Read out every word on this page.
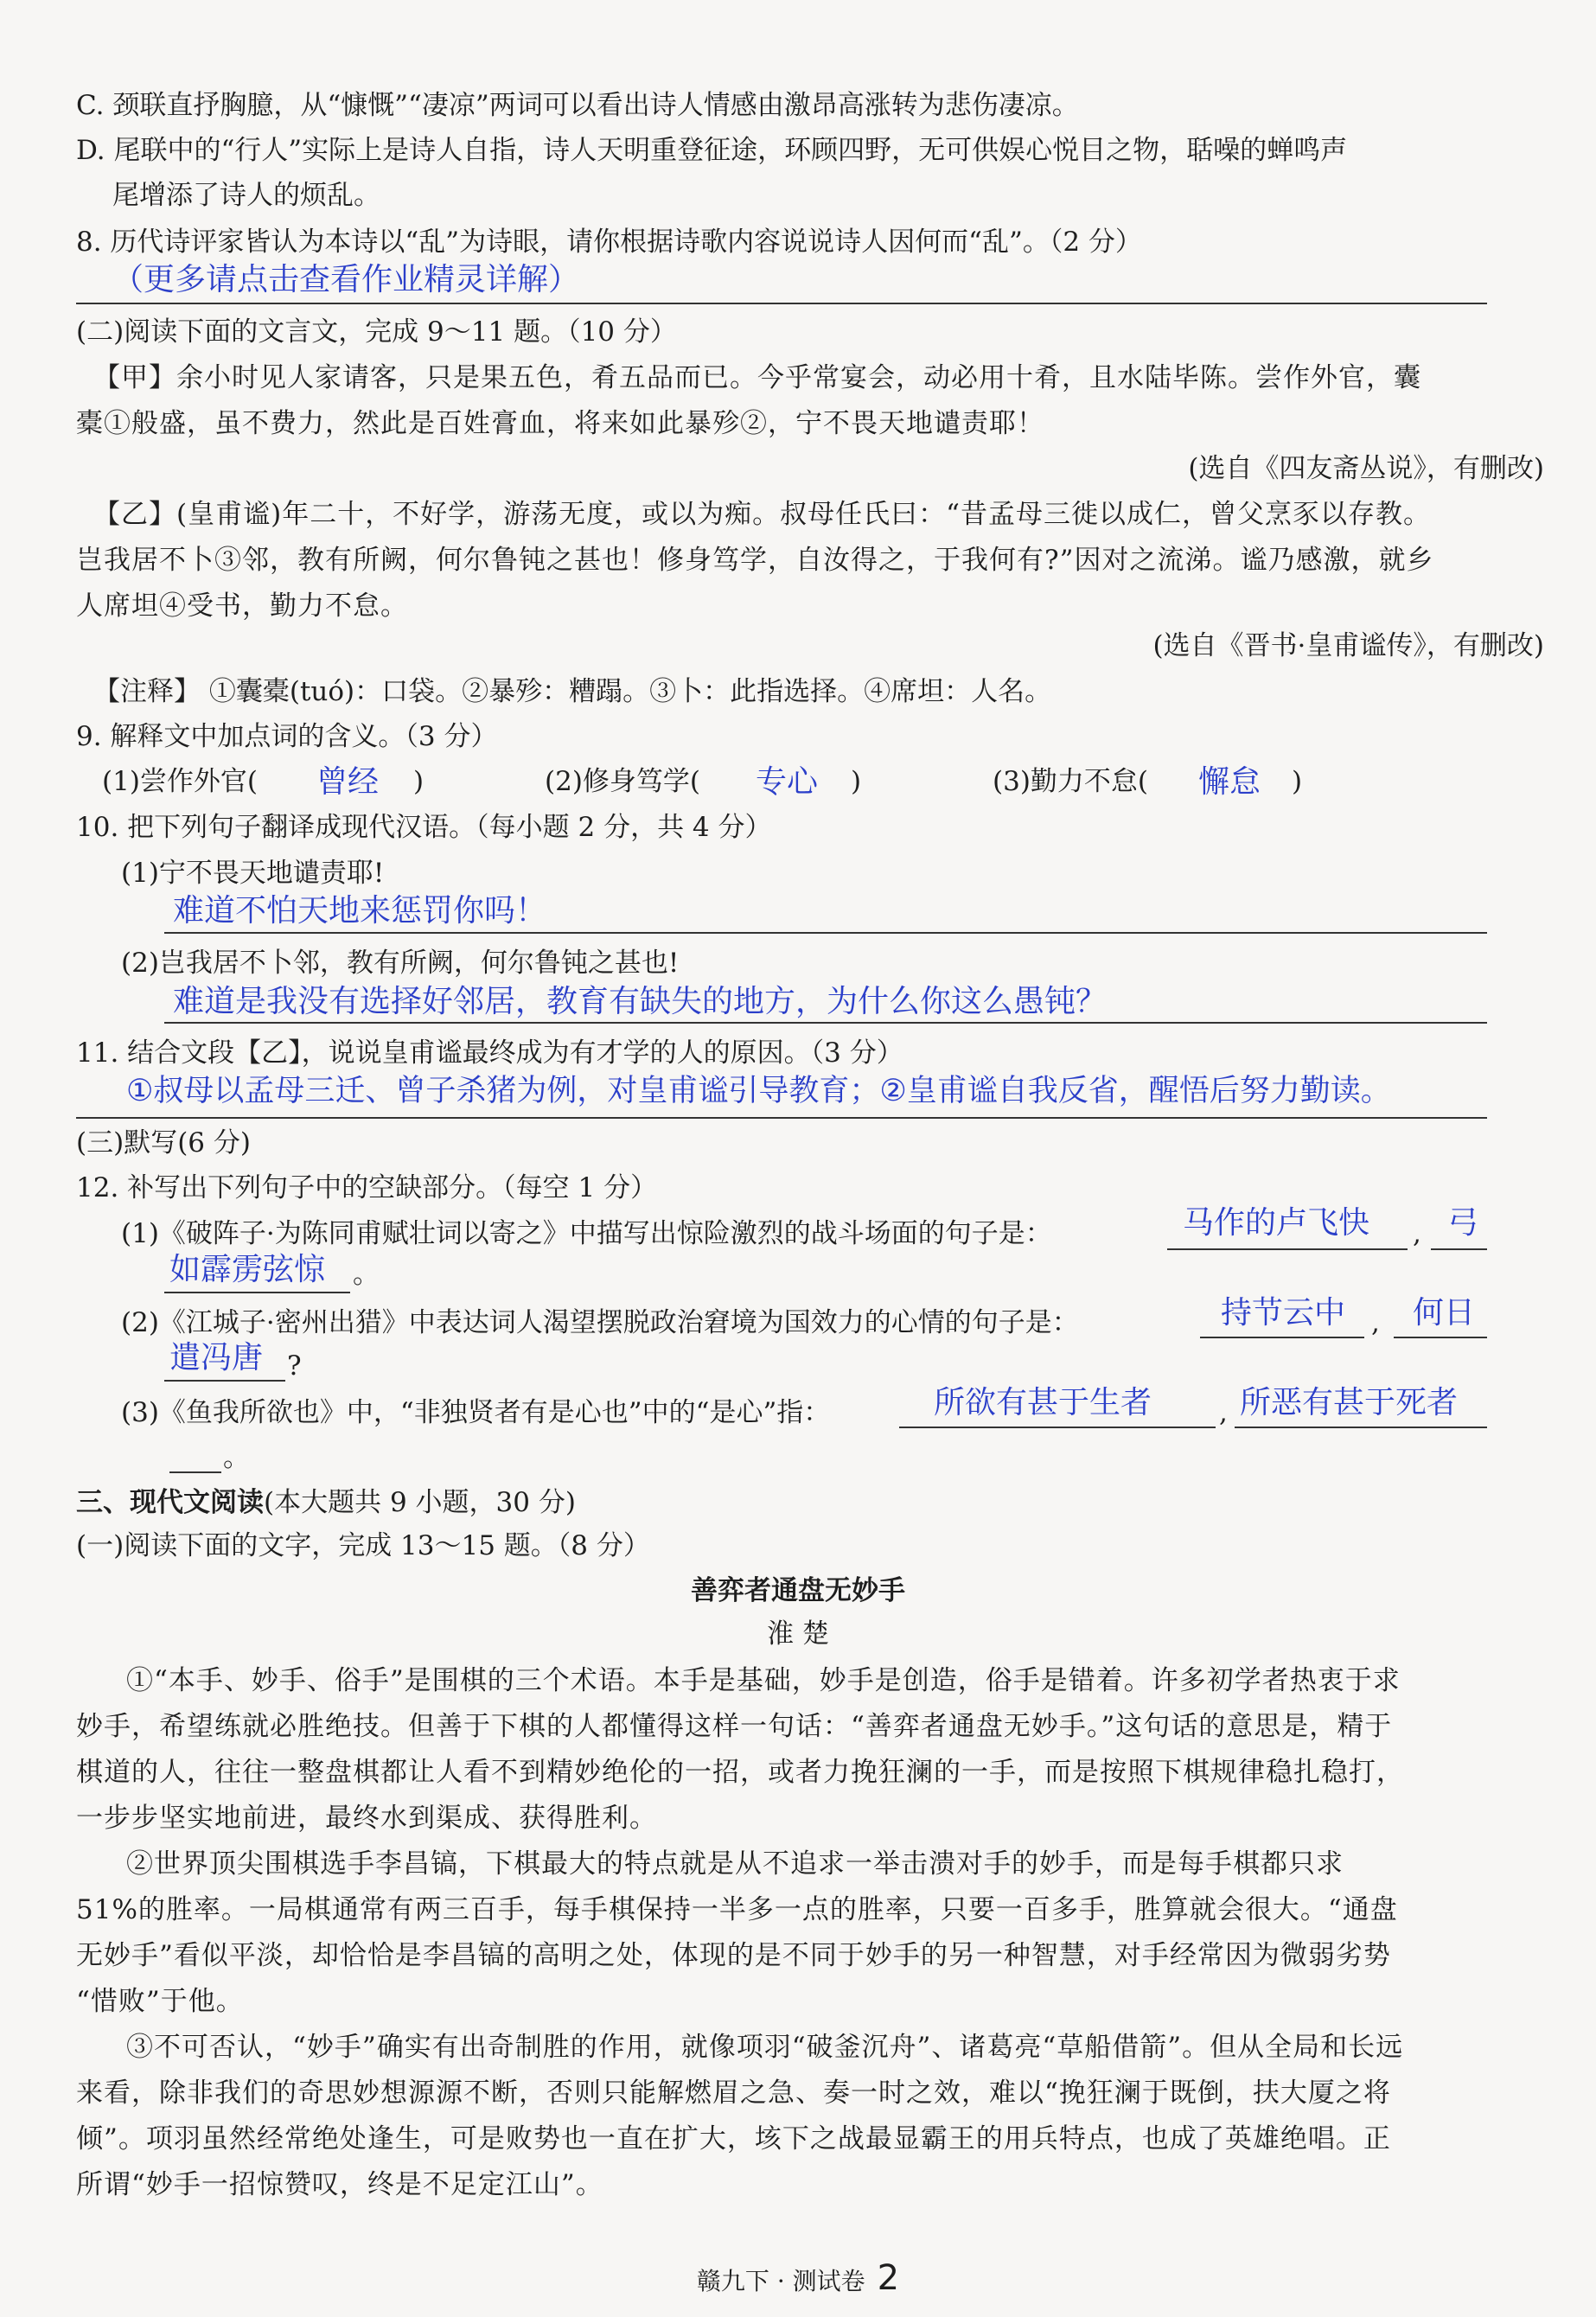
C. 颈联直抒胸臆，从“慷慨”“凄凉”两词可以看出诗人情感由激昂高涨转为悲伤凄凉。
D. 尾联中的“行人”实际上是诗人自指，诗人天明重登征途，环顾四野，无可供娱心悦目之物，聒噪的蝉鸣声
尾增添了诗人的烦乱。
8. 历代诗评家皆认为本诗以“乱”为诗眼，请你根据诗歌内容说说诗人因何而“乱”。（2 分）
（更多请点击查看作业精灵详解）
(二)阅读下面的文言文，完成 9～11 题。（10 分）
【甲】余小时见人家请客，只是果五色，肴五品而已。今乎常宴会，动必用十肴，且水陆毕陈。尝作外官，囊
橐①般盛，虽不费力，然此是百姓膏血，将来如此暴殄②，宁不畏天地谴责耶！
(选自《四友斋丛说》，有删改)
【乙】(皇甫谧)年二十，不好学，游荡无度，或以为痴。叔母任氏曰：“昔孟母三徙以成仁，曾父烹豕以存教。
岂我居不卜③邻，教有所阙，何尔鲁钝之甚也！修身笃学，自汝得之，于我何有?”因对之流涕。谧乃感激，就乡
人席坦④受书，勤力不怠。
(选自《晋书·皇甫谧传》，有删改)
【注释】 ①囊橐(tuó)：口袋。②暴殄：糟蹋。③卜：此指选择。④席坦：人名。
9. 解释文中加点词的含义。（3 分）
(1)尝作外官(	曾经 )	(2)修身笃学(	专心 )	(3)勤力不怠(	懈怠 )
10. 把下列句子翻译成现代汉语。（每小题 2 分，共 4 分）
(1)宁不畏天地谴责耶!
难道不怕天地来惩罚你吗！
(2)岂我居不卜邻，教有所阙，何尔鲁钝之甚也!
难道是我没有选择好邻居，教育有缺失的地方，为什么你这么愚钝？
11. 结合文段【乙】，说说皇甫谧最终成为有才学的人的原因。（3 分）
①叔母以孟母三迁、曾子杀猪为例，对皇甫谧引导教育；②皇甫谧自我反省，醒悟后努力勤读。
(三)默写(6 分)
12. 补写出下列句子中的空缺部分。（每空 1 分）
(1)《破阵子·为陈同甫赋壮词以寄之》中描写出惊险激烈的战斗场面的句子是：	马作的卢飞快 , 弓
如霹雳弦惊 。
(2)《江城子·密州出猎》中表达词人渴望摆脱政治窘境为国效力的心情的句子是：	持节云中 ,	何日
遣冯唐 ?
(3)《鱼我所欲也》中，“非独贤者有是心也”中的“是心”指：	所欲有甚于生者	, 所恶有甚于死者
。
三、现代文阅读(本大题共 9 小题，30 分)
(一)阅读下面的文字，完成 13～15 题。（8 分）
善弈者通盘无妙手
淮 楚
①“本手、妙手、俗手”是围棋的三个术语。本手是基础，妙手是创造，俗手是错着。许多初学者热衷于求
妙手，希望练就必胜绝技。但善于下棋的人都懂得这样一句话：“善弈者通盘无妙手。”这句话的意思是，精于
棋道的人，往往一整盘棋都让人看不到精妙绝伦的一招，或者力挽狂澜的一手，而是按照下棋规律稳扎稳打，
一步步坚实地前进，最终水到渠成、获得胜利。
②世界顶尖围棋选手李昌镐，下棋最大的特点就是从不追求一举击溃对手的妙手，而是每手棋都只求
51%的胜率。一局棋通常有两三百手，每手棋保持一半多一点的胜率，只要一百多手，胜算就会很大。“通盘
无妙手”看似平淡，却恰恰是李昌镐的高明之处，体现的是不同于妙手的另一种智慧，对手经常因为微弱劣势
“惜败”于他。
③不可否认，“妙手”确实有出奇制胜的作用，就像项羽“破釜沉舟”、诸葛亮“草船借箭”。但从全局和长远
来看，除非我们的奇思妙想源源不断，否则只能解燃眉之急、奏一时之效，难以“挽狂澜于既倒，扶大厦之将
倾”。项羽虽然经常绝处逢生，可是败势也一直在扩大，垓下之战最显霸王的用兵特点，也成了英雄绝唱。正
所谓“妙手一招惊赞叹，终是不足定江山”。
赣九下 · 测试卷 2
